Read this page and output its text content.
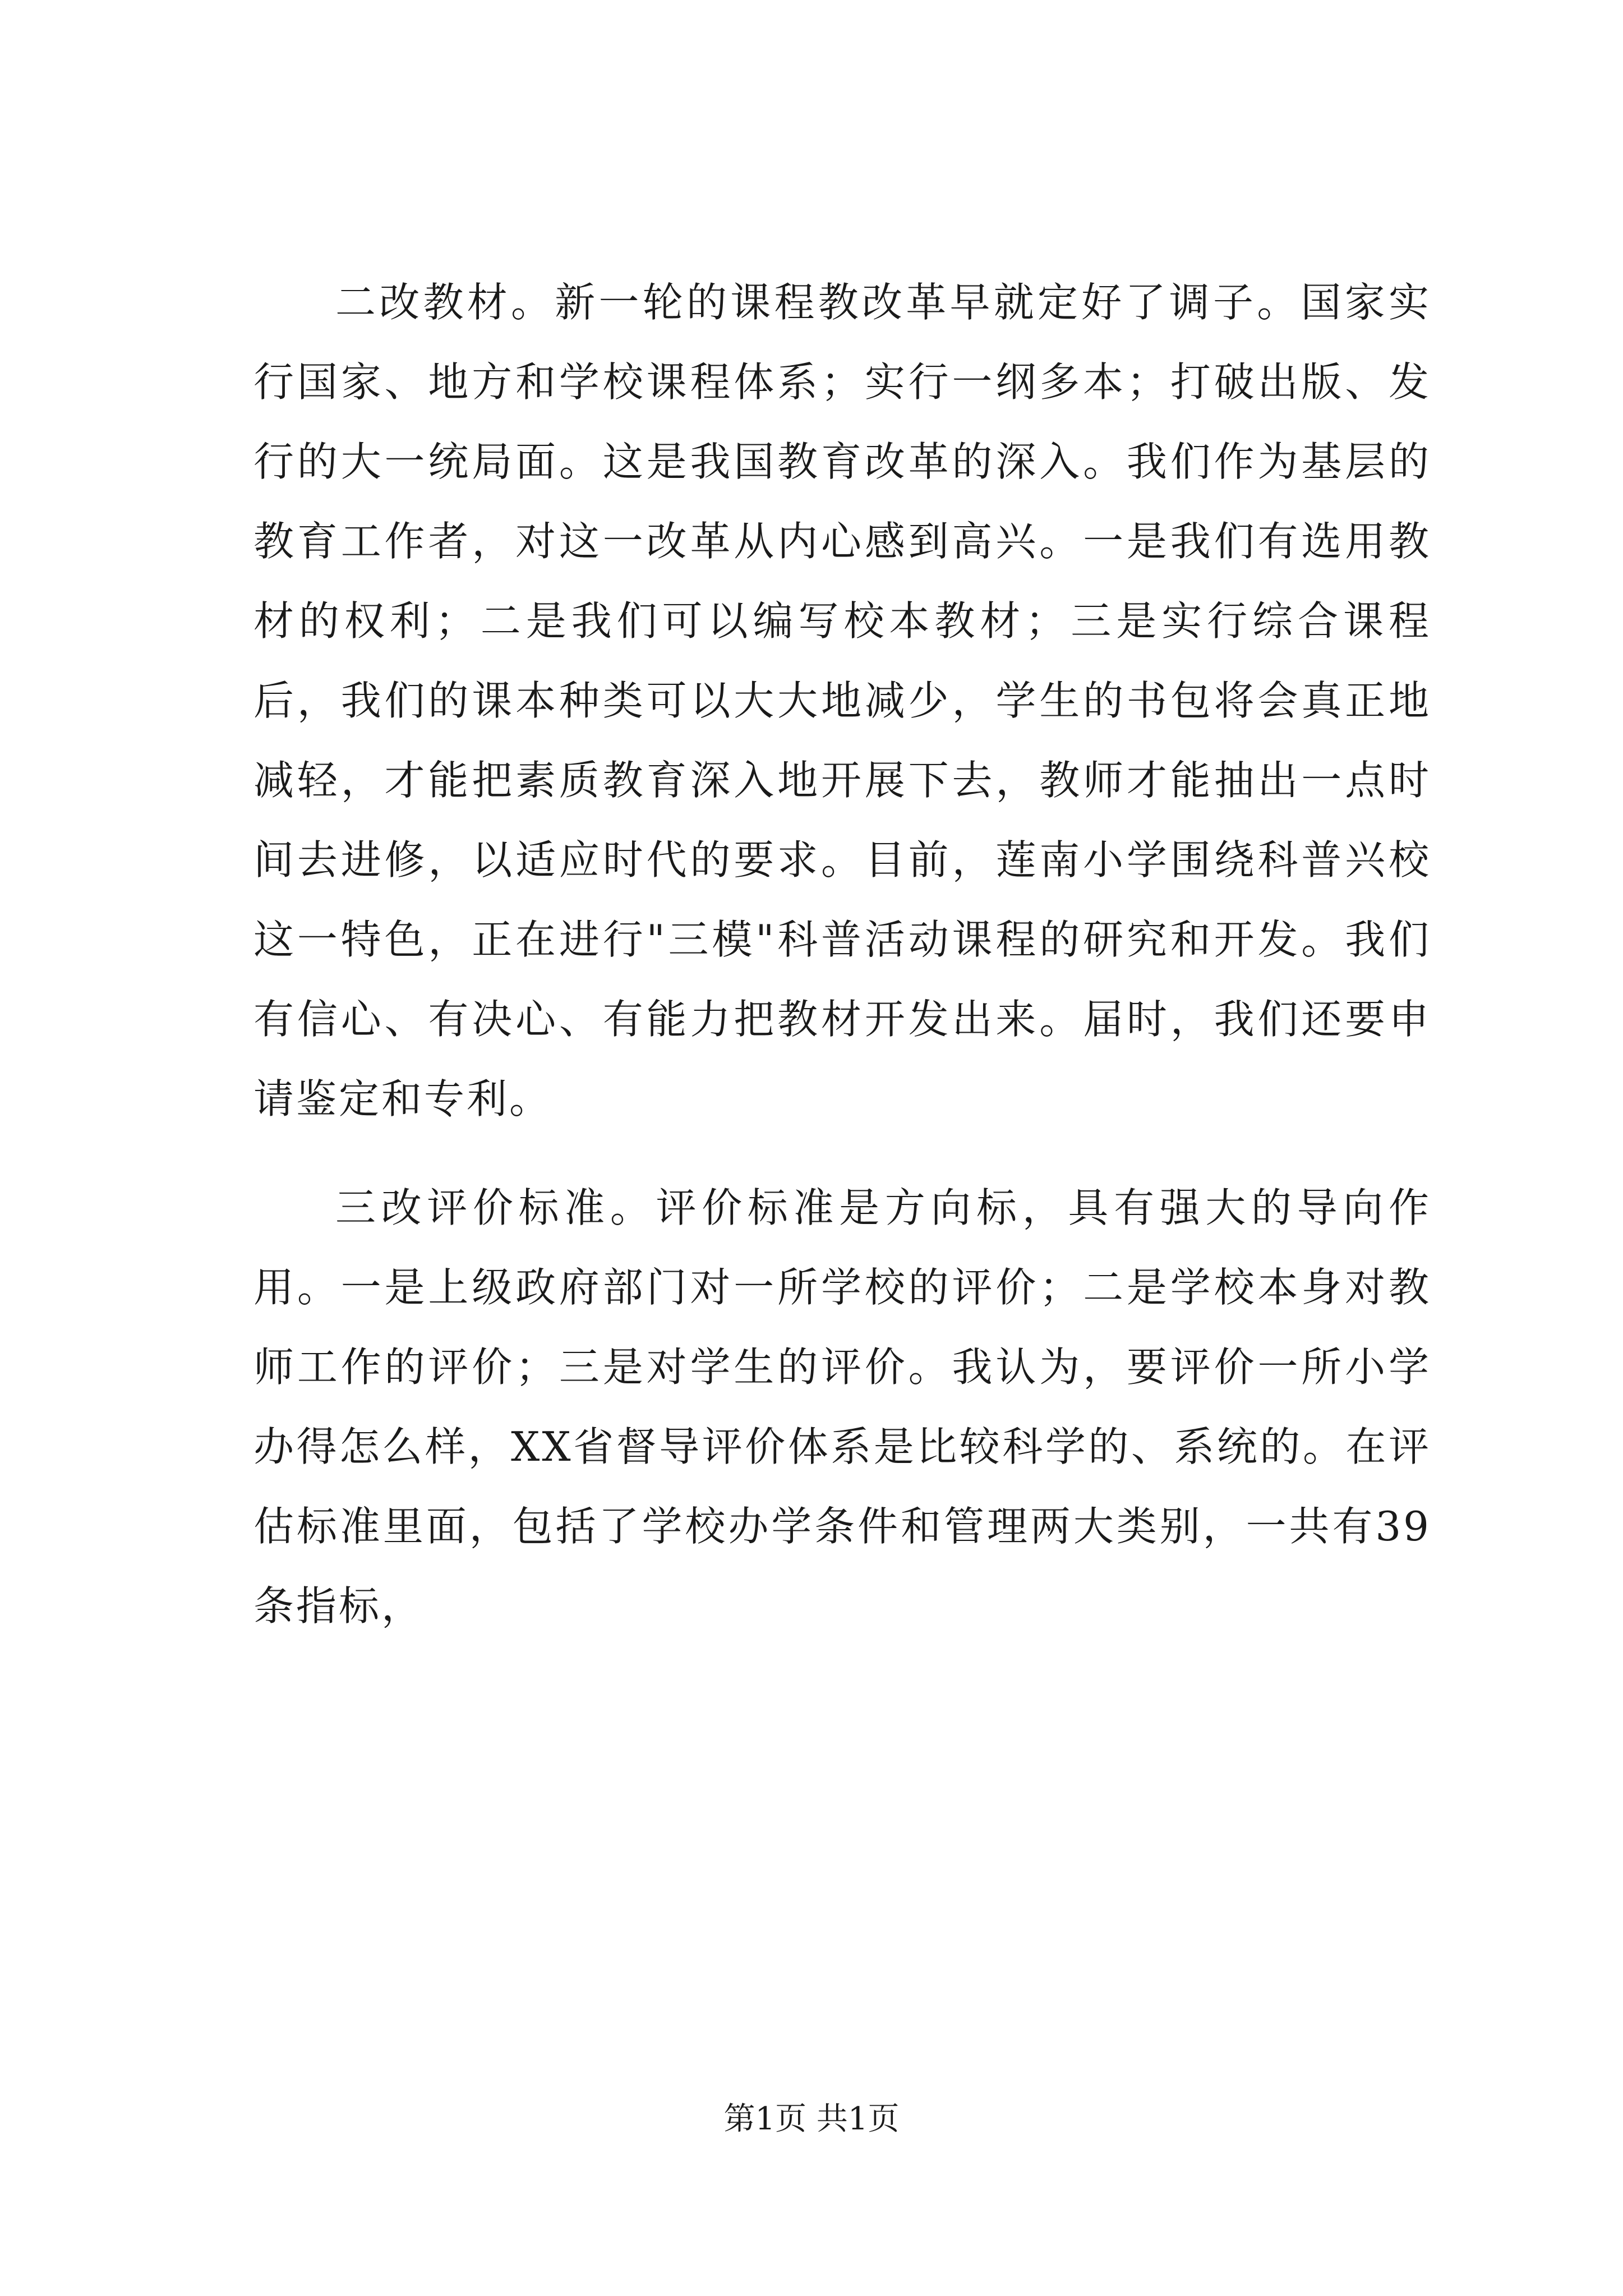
二改教材。新一轮的课程教改革早就定好了调子。国家实行国家、地方和学校课程体系；实行一纲多本；打破出版、发行的大一统局面。这是我国教育改革的深入。我们作为基层的教育工作者，对这一改革从内心感到高兴。一是我们有选用教材的权利；二是我们可以编写校本教材；三是实行综合课程后，我们的课本种类可以大大地减少，学生的书包将会真正地减轻，才能把素质教育深入地开展下去，教师才能抽出一点时间去进修，以适应时代的要求。目前，莲南小学围绕科普兴校这一特色，正在进行"三模"科普活动课程的研究和开发。我们有信心、有决心、有能力把教材开发出来。届时，我们还要申请鉴定和专利。

三改评价标准。评价标准是方向标，具有强大的导向作用。一是上级政府部门对一所学校的评价；二是学校本身对教师工作的评价；三是对学生的评价。我认为，要评价一所小学办得怎么样，XX省督导评价体系是比较科学的、系统的。在评估标准里面，包括了学校办学条件和管理两大类别，一共有39条指标，

第1页 共1页
